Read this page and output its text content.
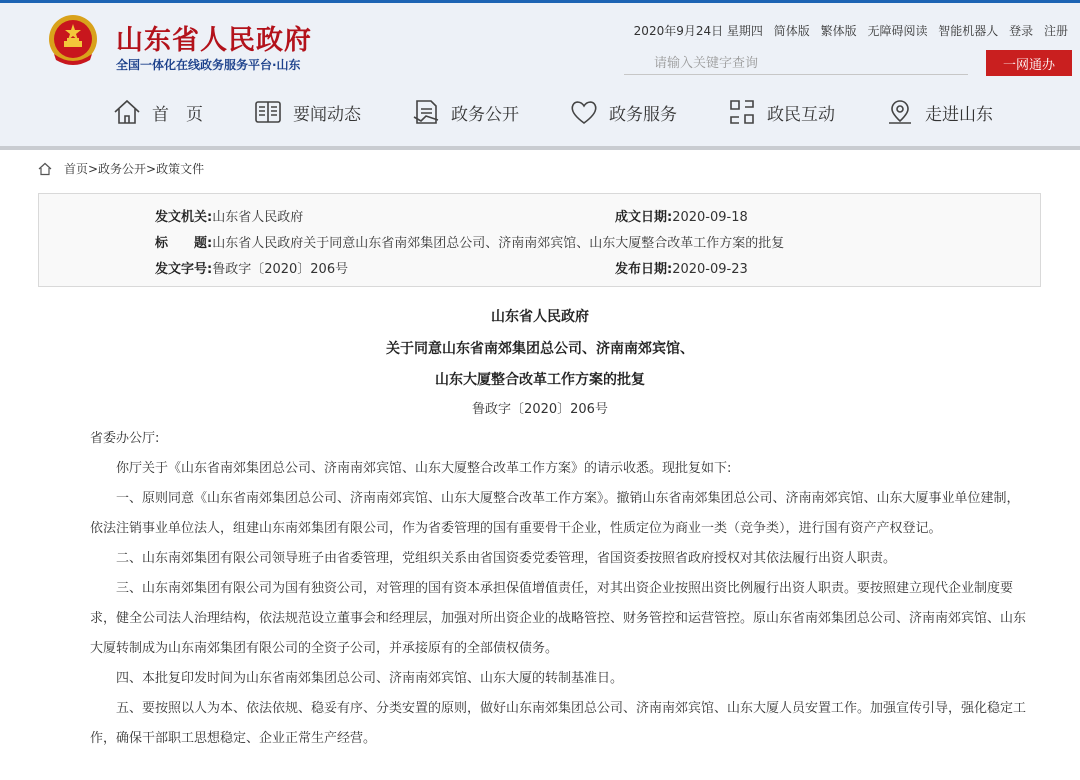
山东省人民政府
全国一体化在线政务服务平台·山东
2020年9月24日 星期四 简体版 繁体版 无障碍阅读 智能机器人 登录 注册
请输入关键字查询
一网通办
首　页	要闻动态	政务公开	政务服务	政民互动	走进山东
首页>政务公开>政策文件
发文机关:山东省人民政府	成文日期:2020-09-18
标　　题:山东省人民政府关于同意山东省南郊集团总公司、济南南郊宾馆、山东大厦整合改革工作方案的批复
发文字号:鲁政字〔2020〕206号	发布日期:2020-09-23
山东省人民政府
关于同意山东省南郊集团总公司、济南南郊宾馆、
山东大厦整合改革工作方案的批复
鲁政字〔2020〕206号

省委办公厅:

你厅关于《山东省南郊集团总公司、济南南郊宾馆、山东大厦整合改革工作方案》的请示收悉。现批复如下:

一、原则同意《山东省南郊集团总公司、济南南郊宾馆、山东大厦整合改革工作方案》。撤销山东省南郊集团总公司、济南南郊宾馆、山东大厦事业单位建制，依法注销事业单位法人，组建山东南郊集团有限公司，作为省委管理的国有重要骨干企业，性质定位为商业一类（竞争类），进行国有资产产权登记。

二、山东南郊集团有限公司领导班子由省委管理，党组织关系由省国资委党委管理，省国资委按照省政府授权对其依法履行出资人职责。

三、山东南郊集团有限公司为国有独资公司，对管理的国有资本承担保值增值责任，对其出资企业按照出资比例履行出资人职责。要按照建立现代企业制度要求，健全公司法人治理结构，依法规范设立董事会和经理层，加强对所出资企业的战略管控、财务管控和运营管控。原山东省南郊集团总公司、济南南郊宾馆、山东大厦转制成为山东南郊集团有限公司的全资子公司，并承接原有的全部债权债务。

四、本批复印发时间为山东省南郊集团总公司、济南南郊宾馆、山东大厦的转制基准日。

五、要按照以人为本、依法依规、稳妥有序、分类安置的原则，做好山东南郊集团总公司、济南南郊宾馆、山东大厦人员安置工作。加强宣传引导，强化稳定工作，确保干部职工思想稳定、企业正常生产经营。
